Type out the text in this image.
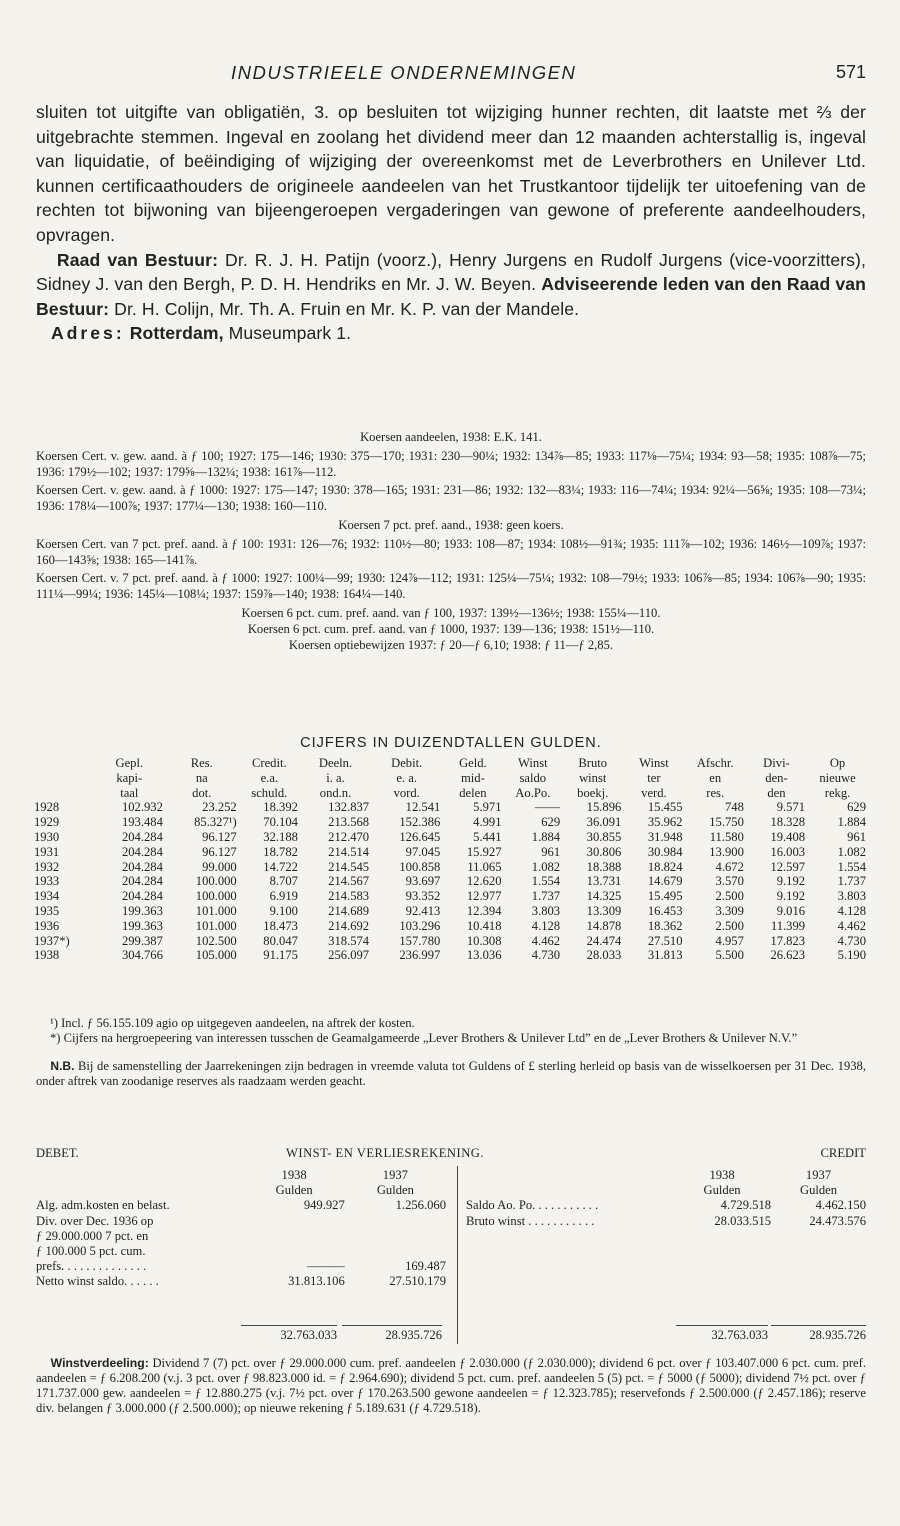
INDUSTRIEELE ONDERNEMINGEN	571

sluiten tot uitgifte van obligatiën, 3. op besluiten tot wijziging hunner rechten, dit laatste met ⅔ der uitgebrachte stemmen. Ingeval en zoolang het dividend meer dan 12 maanden achterstallig is, ingeval van liquidatie, of beëindiging of wijziging der overeenkomst met de Leverbrothers en Unilever Ltd. kunnen certificaathouders de origineele aandeelen van het Trustkantoor tijdelijk ter uitoefening van de rechten tot bijwoning van bijeengeroepen vergaderingen van gewone of preferente aandeelhouders, opvragen.

Raad van Bestuur: Dr. R. J. H. Patijn (voorz.), Henry Jurgens en Rudolf Jurgens (vice-voorzitters), Sidney J. van den Bergh, P. D. H. Hendriks en Mr. J. W. Beyen. Adviseerende leden van den Raad van Bestuur: Dr. H. Colijn, Mr. Th. A. Fruin en Mr. K. P. van der Mandele.

Adres: Rotterdam, Museumpark 1.

Koersen aandeelen, 1938: E.K. 141.
Koersen Cert. v. gew. aand. à ƒ 100; 1927: 175—146; 1930: 375—170; 1931: 230—90¼; 1932: 134⅞—85; 1933: 117⅛—75¼; 1934: 93—58; 1935: 108⅞—75; 1936: 179½—102; 1937: 179⅝—132¼; 1938: 161⅞—112.
Koersen Cert. v. gew. aand. à ƒ 1000: 1927: 175—147; 1930: 378—165; 1931: 231—86; 1932: 132—83¼; 1933: 116—74¼; 1934: 92¼—56⅝; 1935: 108—73¼; 1936: 178¼—100⅞; 1937: 177¼—130; 1938: 160—110.
Koersen 7 pct. pref. aand., 1938: geen koers.
Koersen Cert. van 7 pct. pref. aand. à ƒ 100: 1931: 126—76; 1932: 110½—80; 1933: 108—87; 1934: 108½—91¾; 1935: 111⅞—102; 1936: 146½—109⅞; 1937: 160—143⅝; 1938: 165—141⅞.
Koersen Cert. v. 7 pct. pref. aand. à ƒ 1000: 1927: 100¼—99; 1930: 124⅞—112; 1931: 125¼—75¼; 1932: 108—79½; 1933: 106⅞—85; 1934: 106⅞—90; 1935: 111¼—99¼; 1936: 145¼—108¼; 1937: 159⅞—140; 1938: 164¼—140.
Koersen 6 pct. cum. pref. aand. van ƒ 100, 1937: 139½—136½; 1938: 155¼—110.
Koersen 6 pct. cum. pref. aand. van ƒ 1000, 1937: 139—136; 1938: 151½—110.
Koersen optiebewijzen 1937: ƒ 20—ƒ 6,10; 1938: ƒ 11—ƒ 2,85.
CIJFERS IN DUIZENDTALLEN GULDEN.
	Gepl.	Res.	Credit.	Deeln.	Debit.	Geld.	Winst	Bruto	Winst	Afschr.	Divi-	Op
	kapi-	na	e.a.	i. a.	e. a.	mid-	saldo	winst	ter	en	den-	nieuwe
	taal	dot.	schuld.	ond.n.	vord.	delen	Ao.Po.	boekj.	verd.	res.	den	rekg.
1928	102.932	23.252	18.392	132.837	12.541	5.971	——	15.896	15.455	748	9.571	629
1929	193.484	85.327¹)	70.104	213.568	152.386	4.991	629	36.091	35.962	15.750	18.328	1.884
1930	204.284	96.127	32.188	212.470	126.645	5.441	1.884	30.855	31.948	11.580	19.408	961
1931	204.284	96.127	18.782	214.514	97.045	15.927	961	30.806	30.984	13.900	16.003	1.082
1932	204.284	99.000	14.722	214.545	100.858	11.065	1.082	18.388	18.824	4.672	12.597	1.554
1933	204.284	100.000	8.707	214.567	93.697	12.620	1.554	13.731	14.679	3.570	9.192	1.737
1934	204.284	100.000	6.919	214.583	93.352	12.977	1.737	14.325	15.495	2.500	9.192	3.803
1935	199.363	101.000	9.100	214.689	92.413	12.394	3.803	13.309	16.453	3.309	9.016	4.128
1936	199.363	101.000	18.473	214.692	103.296	10.418	4.128	14.878	18.362	2.500	11.399	4.462
1937*)	299.387	102.500	80.047	318.574	157.780	10.308	4.462	24.474	27.510	4.957	17.823	4.730
1938	304.766	105.000	91.175	256.097	236.997	13.036	4.730	28.033	31.813	5.500	26.623	5.190
¹) Incl. ƒ 56.155.109 agio op uitgegeven aandeelen, na aftrek der kosten.
*) Cijfers na hergroepeering van interessen tusschen de Geamalgameerde „Lever Brothers & Unilever Ltd” en de „Lever Brothers & Unilever N.V.”
N.B. Bij de samenstelling der Jaarrekeningen zijn bedragen in vreemde valuta tot Guldens of £ sterling herleid op basis van de wisselkoersen per 31 Dec. 1938, onder aftrek van zoodanige reserves als raadzaam werden geacht.
DEBET.	WINST- EN VERLIESREKENING.	CREDIT
	1938	1937
	Gulden	Gulden
Alg. adm.kosten en belast.	949.927	1.256.060
Div. over Dec. 1936 op		
ƒ 29.000.000 7 pct. en		
ƒ 100.000 5 pct. cum.		
prefs. . . . . . . . . . . . . .	———	169.487
Netto winst saldo. . . . . .	31.813.106	27.510.179
	1938	1937
	Gulden	Gulden
Saldo Ao. Po. . . . . . . . . . .	4.729.518	4.462.150
Bruto winst . . . . . . . . . . .	28.033.515	24.473.576
32.763.033	28.935.726	32.763.033	28.935.726
Winstverdeeling: Dividend 7 (7) pct. over ƒ 29.000.000 cum. pref. aandeelen ƒ 2.030.000 (ƒ 2.030.000); dividend 6 pct. over ƒ 103.407.000 6 pct. cum. pref. aandeelen = ƒ 6.208.200 (v.j. 3 pct. over ƒ 98.823.000 id. = ƒ 2.964.690); dividend 5 pct. cum. pref. aandeelen 5 (5) pct. = ƒ 5000 (ƒ 5000); dividend 7½ pct. over ƒ 171.737.000 gew. aandeelen = ƒ 12.880.275 (v.j. 7½ pct. over ƒ 170.263.500 gewone aandeelen = ƒ 12.323.785); reservefonds ƒ 2.500.000 (ƒ 2.457.186); reserve div. belangen ƒ 3.000.000 (ƒ 2.500.000); op nieuwe rekening ƒ 5.189.631 (ƒ 4.729.518).
